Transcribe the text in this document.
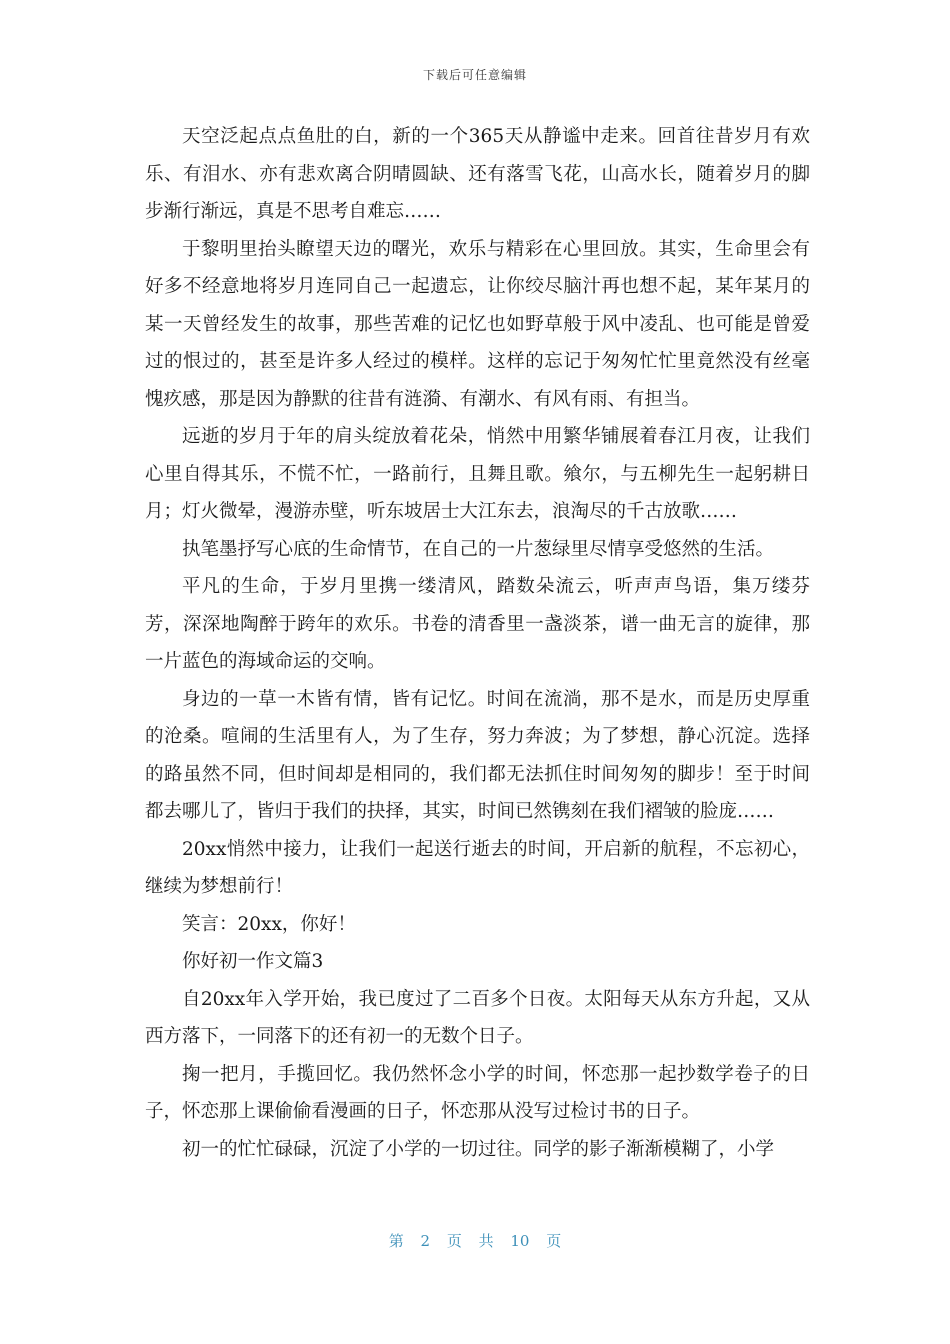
下载后可任意编辑

天空泛起点点鱼肚的白，新的一个365天从静谧中走来。回首往昔岁月有欢乐、有泪水、亦有悲欢离合阴晴圆缺、还有落雪飞花，山高水长，随着岁月的脚步渐行渐远，真是不思考自难忘……

于黎明里抬头瞭望天边的曙光，欢乐与精彩在心里回放。其实，生命里会有好多不经意地将岁月连同自己一起遗忘，让你绞尽脑汁再也想不起，某年某月的某一天曾经发生的故事，那些苦难的记忆也如野草般于风中凌乱、也可能是曾爱过的恨过的，甚至是许多人经过的模样。这样的忘记于匆匆忙忙里竟然没有丝毫愧疚感，那是因为静默的往昔有涟漪、有潮水、有风有雨、有担当。

远逝的岁月于年的肩头绽放着花朵，悄然中用繁华铺展着春江月夜，让我们心里自得其乐，不慌不忙，一路前行，且舞且歌。飨尔，与五柳先生一起躬耕日月；灯火微晕，漫游赤壁，听东坡居士大江东去，浪淘尽的千古放歌……

执笔墨抒写心底的生命情节，在自己的一片葱绿里尽情享受悠然的生活。

平凡的生命，于岁月里携一缕清风，踏数朵流云，听声声鸟语，集万缕芬芳，深深地陶醉于跨年的欢乐。书卷的清香里一盏淡茶，谱一曲无言的旋律，那一片蓝色的海域命运的交响。

身边的一草一木皆有情，皆有记忆。时间在流淌，那不是水，而是历史厚重的沧桑。喧闹的生活里有人，为了生存，努力奔波；为了梦想，静心沉淀。选择的路虽然不同，但时间却是相同的，我们都无法抓住时间匆匆的脚步！至于时间都去哪儿了，皆归于我们的抉择，其实，时间已然镌刻在我们褶皱的脸庞……

20xx悄然中接力，让我们一起送行逝去的时间，开启新的航程，不忘初心，继续为梦想前行！

笑言：20xx，你好！

你好初一作文篇3

自20xx年入学开始，我已度过了二百多个日夜。太阳每天从东方升起，又从西方落下，一同落下的还有初一的无数个日子。

掬一把月，手揽回忆。我仍然怀念小学的时间，怀恋那一起抄数学卷子的日子，怀恋那上课偷偷看漫画的日子，怀恋那从没写过检讨书的日子。

初一的忙忙碌碌，沉淀了小学的一切过往。同学的影子渐渐模糊了，小学

第 2 页 共 10 页
